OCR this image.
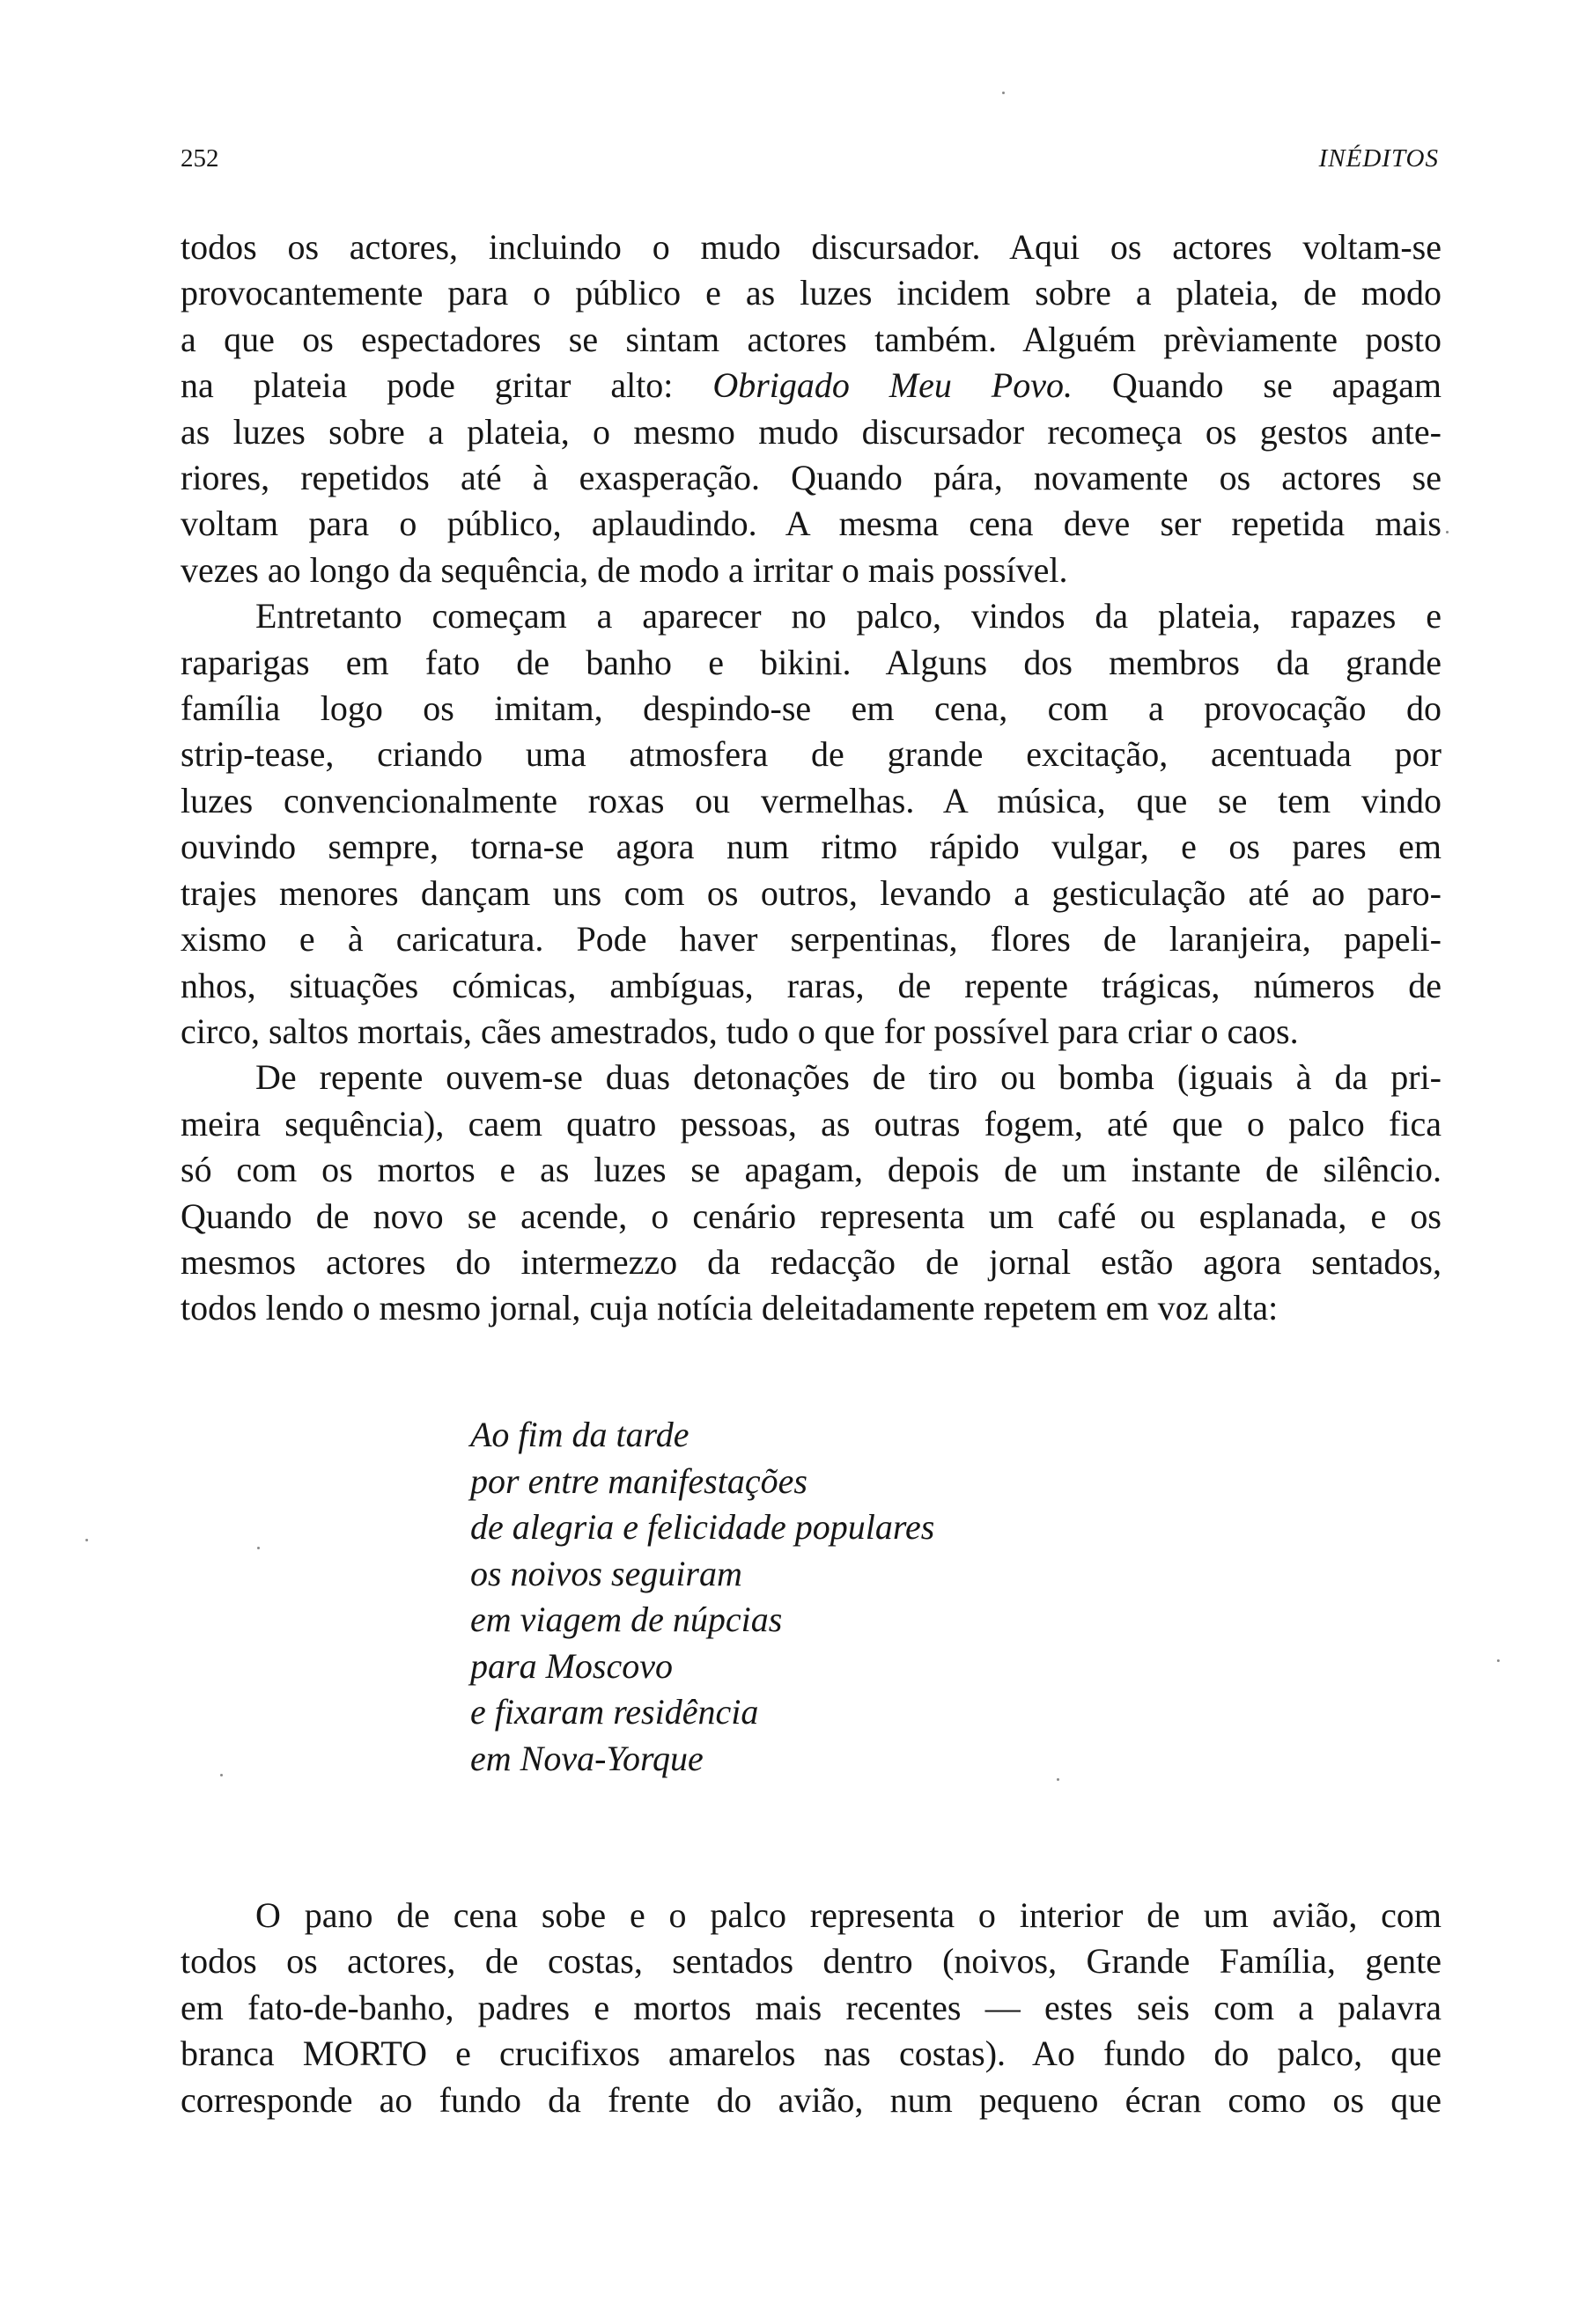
252	INÉDITOS
todos os actores, incluindo o mudo discursador. Aqui os actores voltam-se
provocantemente para o público e as luzes incidem sobre a plateia, de modo
a que os espectadores se sintam actores também. Alguém prèviamente posto
na plateia pode gritar alto: Obrigado Meu Povo. Quando se apagam
as luzes sobre a plateia, o mesmo mudo discursador recomeça os gestos ante-
riores, repetidos até à exasperação. Quando pára, novamente os actores se
voltam para o público, aplaudindo. A mesma cena deve ser repetida mais
vezes ao longo da sequência, de modo a irritar o mais possível.
Entretanto começam a aparecer no palco, vindos da plateia, rapazes e
raparigas em fato de banho e bikini. Alguns dos membros da grande
família logo os imitam, despindo-se em cena, com a provocação do
strip-tease, criando uma atmosfera de grande excitação, acentuada por
luzes convencionalmente roxas ou vermelhas. A música, que se tem vindo
ouvindo sempre, torna-se agora num ritmo rápido vulgar, e os pares em
trajes menores dançam uns com os outros, levando a gesticulação até ao paro-
xismo e à caricatura. Pode haver serpentinas, flores de laranjeira, papeli-
nhos, situações cómicas, ambíguas, raras, de repente trágicas, números de
circo, saltos mortais, cães amestrados, tudo o que for possível para criar o caos.
De repente ouvem-se duas detonações de tiro ou bomba (iguais à da pri-
meira sequência), caem quatro pessoas, as outras fogem, até que o palco fica
só com os mortos e as luzes se apagam, depois de um instante de silêncio.
Quando de novo se acende, o cenário representa um café ou esplanada, e os
mesmos actores do intermezzo da redacção de jornal estão agora sentados,
todos lendo o mesmo jornal, cuja notícia deleitadamente repetem em voz alta:
Ao fim da tarde
por entre manifestações
de alegria e felicidade populares
os noivos seguiram
em viagem de núpcias
para Moscovo
e fixaram residência
em Nova-Yorque
O pano de cena sobe e o palco representa o interior de um avião, com
todos os actores, de costas, sentados dentro (noivos, Grande Família, gente
em fato-de-banho, padres e mortos mais recentes — estes seis com a palavra
branca MORTO e crucifixos amarelos nas costas). Ao fundo do palco, que
corresponde ao fundo da frente do avião, num pequeno écran como os que
